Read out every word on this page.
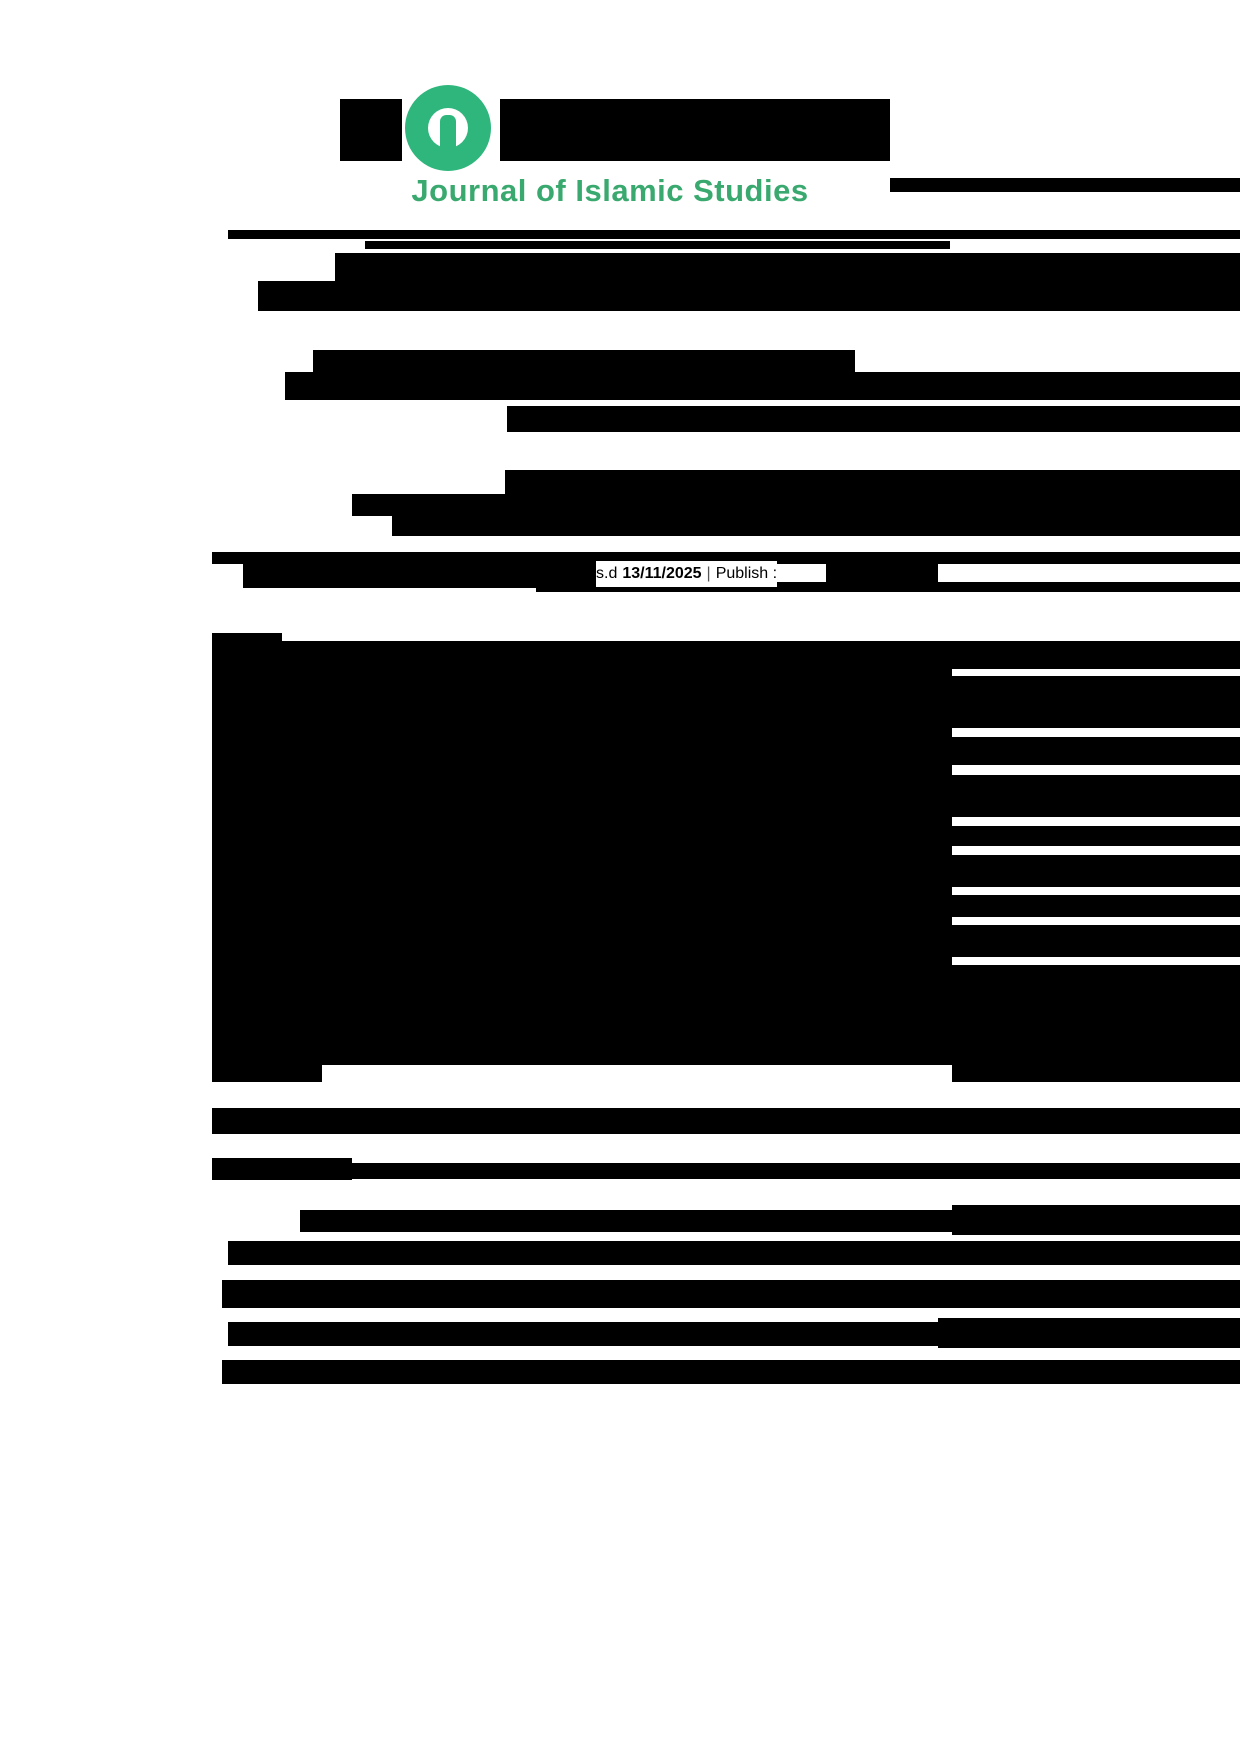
Journal of Islamic Studies
s.d 13/11/2025 | Publish :
